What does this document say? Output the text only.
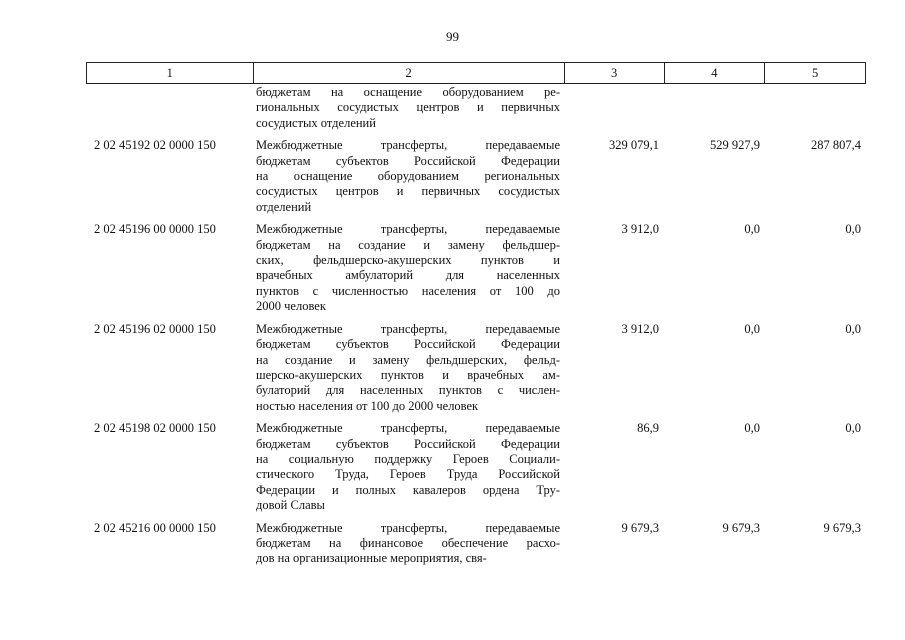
99
1	2	3	4	5
бюджетам на оснащение оборудованием ре-
гиональных сосудистых центров и первичных
сосудистых отделений
2 02 45192 02 0000 150	Межбюджетные трансферты, передаваемые
бюджетам субъектов Российской Федерации
на оснащение оборудованием региональных
сосудистых центров и первичных сосудистых
отделений
329 079,1	529 927,9	287 807,4
2 02 45196 00 0000 150	Межбюджетные трансферты, передаваемые
бюджетам на создание и замену фельдшер-
ских, фельдшерско-акушерских пунктов и
врачебных амбулаторий для населенных
пунктов с численностью населения от 100 до
2000 человек
3 912,0	0,0	0,0
2 02 45196 02 0000 150	Межбюджетные трансферты, передаваемые
бюджетам субъектов Российской Федерации
на создание и замену фельдшерских, фельд-
шерско-акушерских пунктов и врачебных ам-
булаторий для населенных пунктов с числен-
ностью населения от 100 до 2000 человек
3 912,0	0,0	0,0
2 02 45198 02 0000 150	Межбюджетные трансферты, передаваемые
бюджетам субъектов Российской Федерации
на социальную поддержку Героев Социали-
стического Труда, Героев Труда Российской
Федерации и полных кавалеров ордена Тру-
довой Славы
86,9	0,0	0,0
2 02 45216 00 0000 150	Межбюджетные трансферты, передаваемые
бюджетам на финансовое обеспечение расхо-
дов на организационные мероприятия, свя-
9 679,3	9 679,3	9 679,3
